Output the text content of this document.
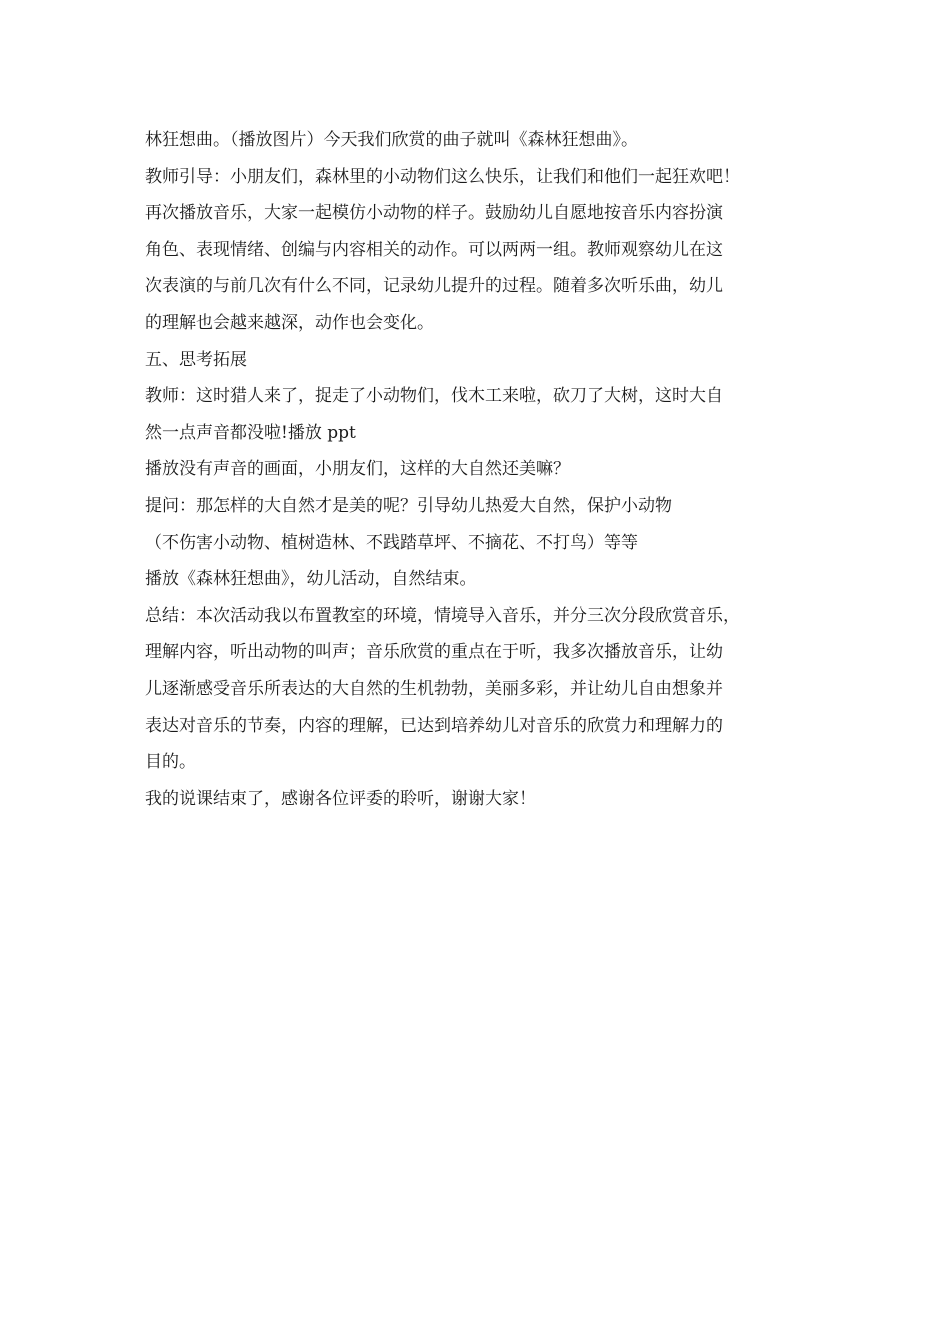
林狂想曲。（播放图片）今天我们欣赏的曲子就叫《森林狂想曲》。
教师引导：小朋友们，森林里的小动物们这么快乐，让我们和他们一起狂欢吧！
再次播放音乐，大家一起模仿小动物的样子。鼓励幼儿自愿地按音乐内容扮演
角色、表现情绪、创编与内容相关的动作。可以两两一组。教师观察幼儿在这
次表演的与前几次有什么不同，记录幼儿提升的过程。随着多次听乐曲，幼儿
的理解也会越来越深，动作也会变化。
五、思考拓展
教师：这时猎人来了，捉走了小动物们，伐木工来啦，砍刀了大树，这时大自
然一点声音都没啦!播放 ppt
播放没有声音的画面，小朋友们，这样的大自然还美嘛？
提问：那怎样的大自然才是美的呢？引导幼儿热爱大自然，保护小动物
（不伤害小动物、植树造林、不践踏草坪、不摘花、不打鸟）等等
播放《森林狂想曲》，幼儿活动，自然结束。
总结：本次活动我以布置教室的环境，情境导入音乐，并分三次分段欣赏音乐，
理解内容，听出动物的叫声；音乐欣赏的重点在于听，我多次播放音乐，让幼
儿逐渐感受音乐所表达的大自然的生机勃勃，美丽多彩，并让幼儿自由想象并
表达对音乐的节奏，内容的理解，已达到培养幼儿对音乐的欣赏力和理解力的
目的。
我的说课结束了，感谢各位评委的聆听，谢谢大家！
